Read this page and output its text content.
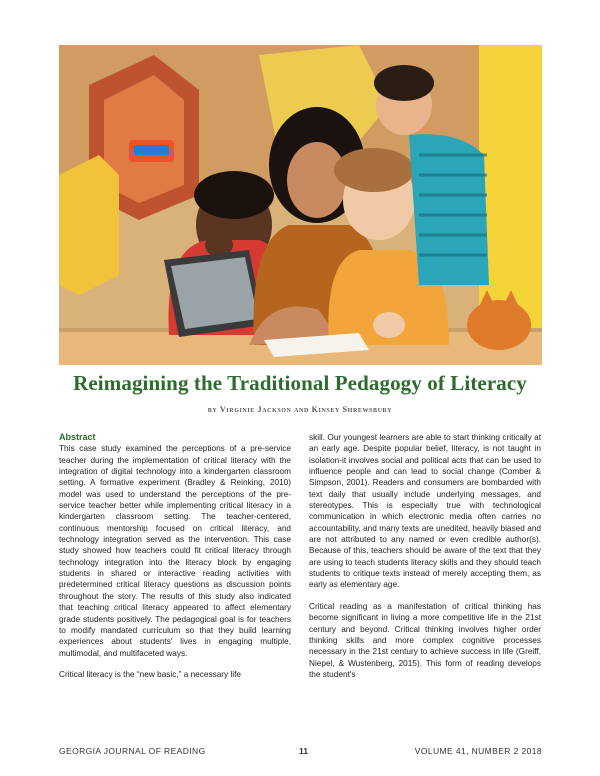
Reimagining the Traditional Pedagogy of Literacy
by Virginie Jackson and Kinsey Shrewsbury
Abstract

This case study examined the perceptions of a pre-service teacher during the implementation of critical literacy with the integration of digital technology into a kindergarten classroom setting. A formative experiment (Bradley & Reinking, 2010) model was used to understand the perceptions of the pre-service teacher better while implementing critical literacy in a kindergarten classroom setting. The teacher-centered, continuous mentorship focused on critical literacy, and technology integration served as the intervention. This case study showed how teachers could fit critical literacy through technology integration into the literacy block by engaging students in shared or interactive reading activities with predetermined critical literacy questions as discussion points throughout the story. The results of this study also indicated that teaching critical literacy appeared to affect elementary grade students positively. The pedagogical goal is for teachers to modify mandated curriculum so that they build learning experiences about students' lives in engaging multiple, multimodal, and multifaceted ways.

Critical literacy is the “new basic,” a necessary life

skill. Our youngest learners are able to start thinking critically at an early age. Despite popular belief, literacy, is not taught in isolation-it involves social and political acts that can be used to influence people and can lead to social change (Comber & Simpson, 2001). Readers and consumers are bombarded with text daily that usually include underlying messages, and stereotypes. This is especially true with technological communication in which electronic media often carries no accountability, and many texts are unedited, heavily biased and are not attributed to any named or even credible author(s). Because of this, teachers should be aware of the text that they are using to teach students literacy skills and they should teach students to critique texts instead of merely accepting them, as early as elementary age.

Critical reading as a manifestation of critical thinking has become significant in living a more competitive life in the 21st century and beyond. Critical thinking involves higher order thinking skills and more complex cognitive processes necessary in the 21st century to achieve success in life (Greiff, Niepel, & Wustenberg, 2015). This form of reading develops the student's

GEORGIA JOURNAL OF READING	11	VOLUME 41, NUMBER 2 2018
